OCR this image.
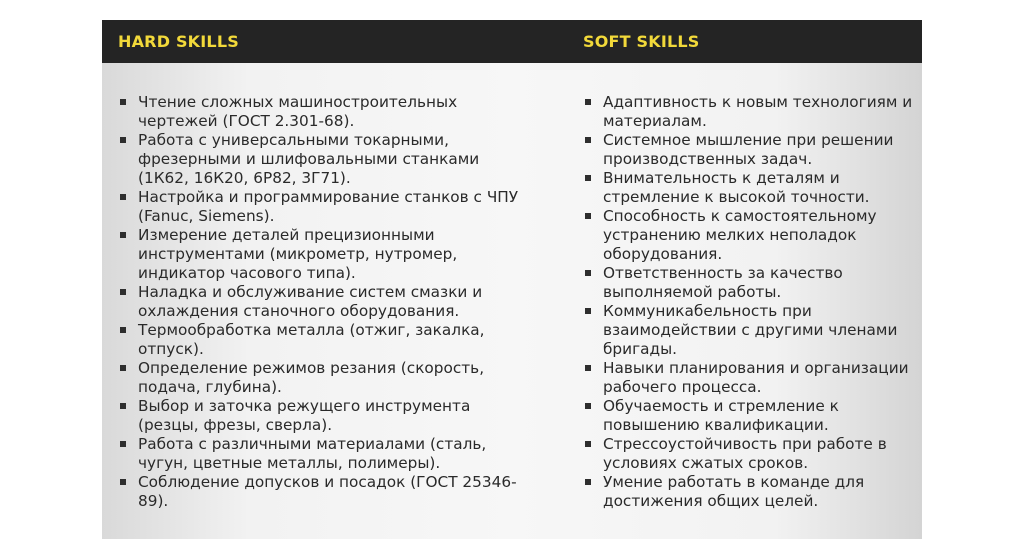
HARD SKILLS	SOFT SKILLS
Чтение сложных машиностроительных чертежей (ГОСТ 2.301-68).
Работа с универсальными токарными, фрезерными и шлифовальными станками (1К62, 16К20, 6Р82, 3Г71).
Настройка и программирование станков с ЧПУ (Fanuc, Siemens).
Измерение деталей прецизионными инструментами (микрометр, нутромер, индикатор часового типа).
Наладка и обслуживание систем смазки и охлаждения станочного оборудования.
Термообработка металла (отжиг, закалка, отпуск).
Определение режимов резания (скорость, подача, глубина).
Выбор и заточка режущего инструмента (резцы, фрезы, сверла).
Работа с различными материалами (сталь, чугун, цветные металлы, полимеры).
Соблюдение допусков и посадок (ГОСТ 25346-89).
Адаптивность к новым технологиям и материалам.
Системное мышление при решении производственных задач.
Внимательность к деталям и стремление к высокой точности.
Способность к самостоятельному устранению мелких неполадок оборудования.
Ответственность за качество выполняемой работы.
Коммуникабельность при взаимодействии с другими членами бригады.
Навыки планирования и организации рабочего процесса.
Обучаемость и стремление к повышению квалификации.
Стрессоустойчивость при работе в условиях сжатых сроков.
Умение работать в команде для достижения общих целей.
